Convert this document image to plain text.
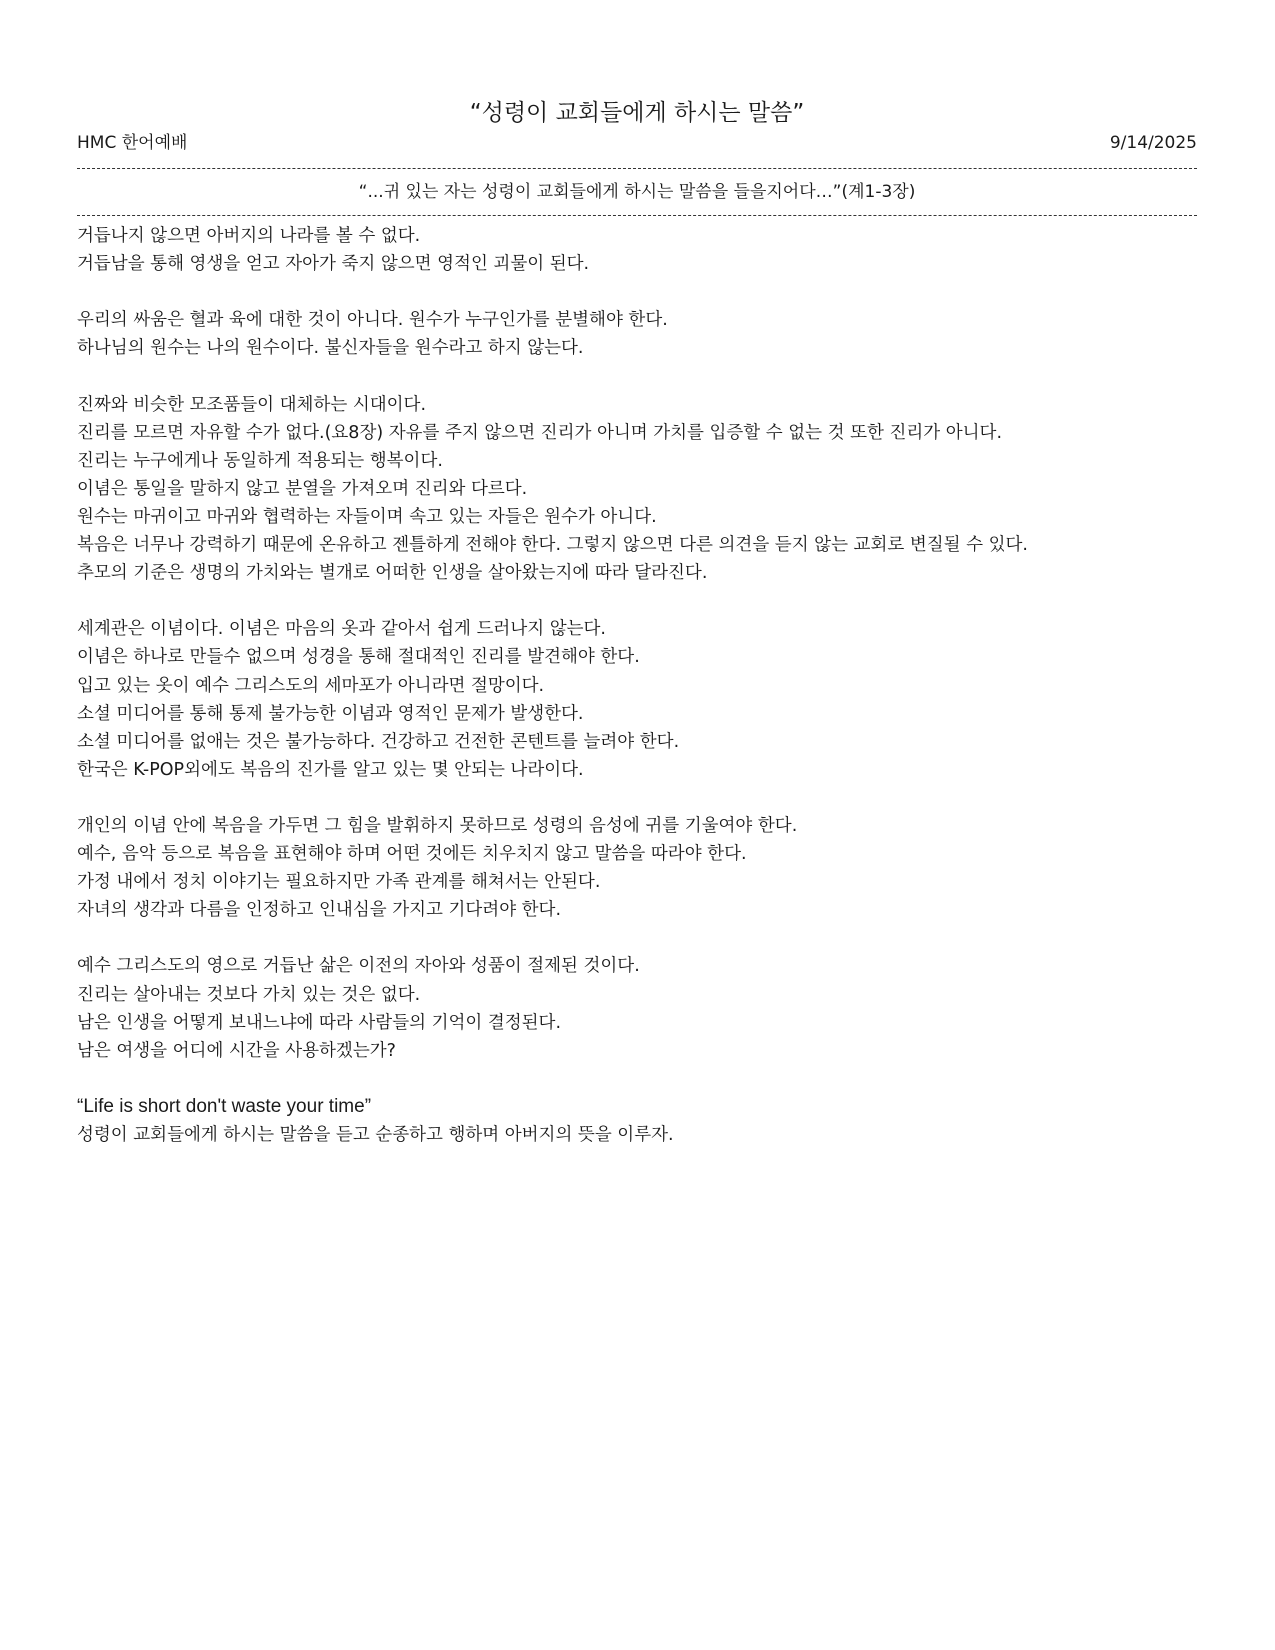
“성령이 교회들에게 하시는 말씀”
HMC 한어예배	9/14/2025
“...귀 있는 자는 성령이 교회들에게 하시는 말씀을 들을지어다…”(계1-3장)
거듭나지 않으면 아버지의 나라를 볼 수 없다.
거듭남을 통해 영생을 얻고 자아가 죽지 않으면 영적인 괴물이 된다.
우리의 싸움은 혈과 육에 대한 것이 아니다. 원수가 누구인가를 분별해야 한다.
하나님의 원수는 나의 원수이다. 불신자들을 원수라고 하지 않는다.
진짜와 비슷한 모조품들이 대체하는 시대이다.
진리를 모르면 자유할 수가 없다.(요8장) 자유를 주지 않으면 진리가 아니며 가치를 입증할 수 없는 것 또한 진리가 아니다.
진리는 누구에게나 동일하게 적용되는 행복이다.
이념은 통일을 말하지 않고 분열을 가져오며 진리와 다르다.
원수는 마귀이고 마귀와 협력하는 자들이며 속고 있는 자들은 원수가 아니다.
복음은 너무나 강력하기 때문에 온유하고 젠틀하게 전해야 한다. 그렇지 않으면 다른 의견을 듣지 않는 교회로 변질될 수 있다.
추모의 기준은 생명의 가치와는 별개로 어떠한 인생을 살아왔는지에 따라 달라진다.
세계관은 이념이다. 이념은 마음의 옷과 같아서 쉽게 드러나지 않는다.
이념은 하나로 만들수 없으며 성경을 통해 절대적인 진리를 발견해야 한다.
입고 있는 옷이 예수 그리스도의 세마포가 아니라면 절망이다.
소셜 미디어를 통해 통제 불가능한 이념과 영적인 문제가 발생한다.
소셜 미디어를 없애는 것은 불가능하다. 건강하고 건전한 콘텐트를 늘려야 한다.
한국은 K-POP외에도 복음의 진가를 알고 있는 몇 안되는 나라이다.
개인의 이념 안에 복음을 가두면 그 힘을 발휘하지 못하므로 성령의 음성에 귀를 기울여야 한다.
예수, 음악 등으로 복음을 표현해야 하며 어떤 것에든 치우치지 않고 말씀을 따라야 한다.
가정 내에서 정치 이야기는 필요하지만 가족 관계를 해쳐서는 안된다.
자녀의 생각과 다름을 인정하고 인내심을 가지고 기다려야 한다.
예수 그리스도의 영으로 거듭난 삶은 이전의 자아와 성품이 절제된 것이다.
진리는 살아내는 것보다 가치 있는 것은 없다.
남은 인생을 어떻게 보내느냐에 따라 사람들의 기억이 결정된다.
남은 여생을 어디에 시간을 사용하겠는가?
“Life is short don't waste your time”
성령이 교회들에게 하시는 말씀을 듣고 순종하고 행하며 아버지의 뜻을 이루자.
